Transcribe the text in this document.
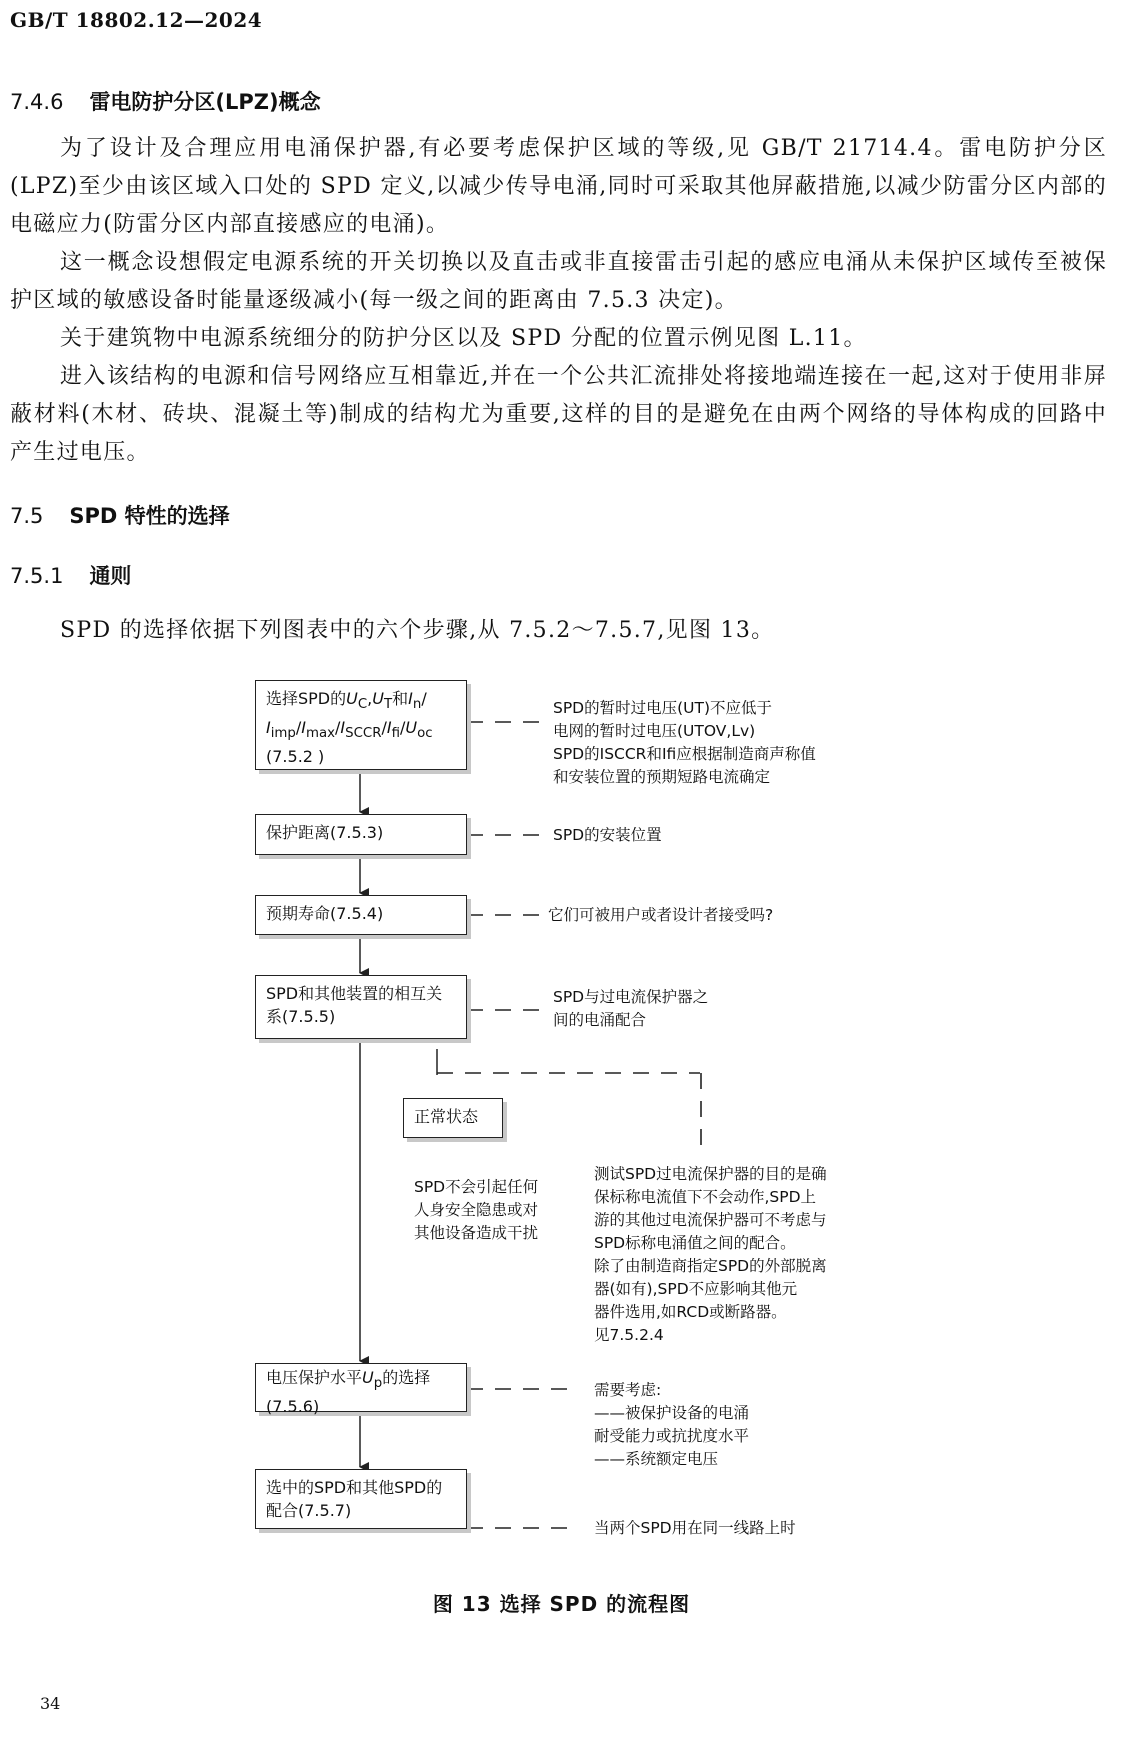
GB/T 18802.12—2024
7.4.6 雷电防护分区(LPZ)概念
为了设计及合理应用电涌保护器,有必要考虑保护区域的等级,见 GB/T 21714.4。雷电防护分区(LPZ)至少由该区域入口处的 SPD 定义,以减少传导电涌,同时可采取其他屏蔽措施,以减少防雷分区内部的电磁应力(防雷分区内部直接感应的电涌)。
这一概念设想假定电源系统的开关切换以及直击或非直接雷击引起的感应电涌从未保护区域传至被保护区域的敏感设备时能量逐级减小(每一级之间的距离由 7.5.3 决定)。
关于建筑物中电源系统细分的防护分区以及 SPD 分配的位置示例见图 L.11。
进入该结构的电源和信号网络应互相靠近,并在一个公共汇流排处将接地端连接在一起,这对于使用非屏蔽材料(木材、砖块、混凝土等)制成的结构尤为重要,这样的目的是避免在由两个网络的导体构成的回路中产生过电压。
7.5 SPD 特性的选择
7.5.1 通则
SPD 的选择依据下列图表中的六个步骤,从 7.5.2～7.5.7,见图 13。
选择SPD的$U_C,U_T$和$I_n/$
$I_{imp}/I_{max}/I_{SCCR}/I_{fi}/U_{oc}$
(7.5.2 )
保护距离(7.5.3)
预期寿命(7.5.4)
SPD和其他装置的相互关系(7.5.5)
正常状态
电压保护水平$U_p$的选择
(7.5.6)
选中的SPD和其他SPD的配合(7.5.7)
SPD的暂时过电压(UT)不应低于
电网的暂时过电压(UTOV,Lv)
SPD的ISCCR和Ifi应根据制造商声称值
和安装位置的预期短路电流确定
SPD的安装位置
它们可被用户或者设计者接受吗?
SPD与过电流保护器之
间的电涌配合
SPD不会引起任何
人身安全隐患或对
其他设备造成干扰
测试SPD过电流保护器的目的是确
保标称电流值下不会动作,SPD上
游的其他过电流保护器可不考虑与
SPD标称电涌值之间的配合。
除了由制造商指定SPD的外部脱离
器(如有),SPD不应影响其他元
器件选用,如RCD或断路器。
见7.5.2.4
需要考虑:
——被保护设备的电涌
耐受能力或抗扰度水平
——系统额定电压
当两个SPD用在同一线路上时
图 13 选择 SPD 的流程图
34
